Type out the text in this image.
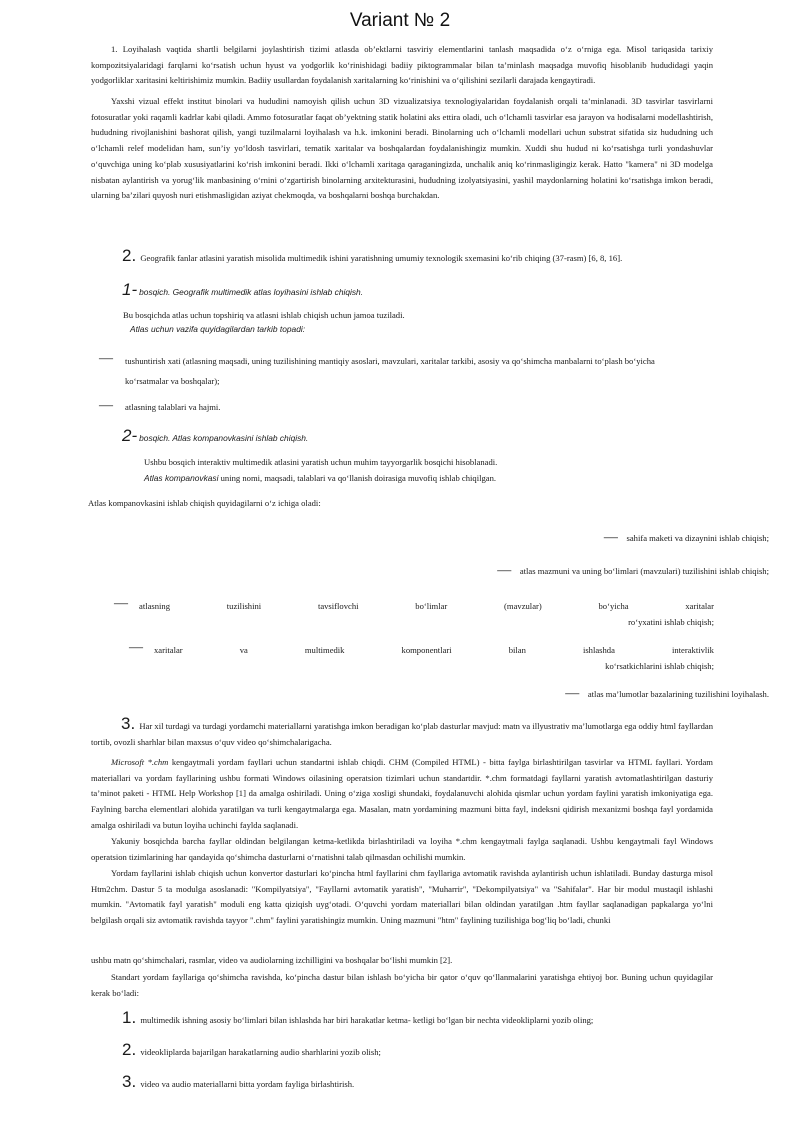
Variant № 2
1. Loyihalash vaqtida shartli belgilarni joylashtirish tizimi atlasda ob’ektlarni tasviriy elementlarini tanlash maqsadida o‘z o‘rniga ega. Misol tariqasida tarixiy kompozitsiyalaridagi farqlarni ko‘rsatish uchun hyust va yodgorlik ko‘rinishidagi badiiy piktogrammalar bilan ta’minlash maqsadga muvofiq hisoblanib hududidagi yaqin yodgorliklar xaritasini keltirishimiz mumkin. Badiiy usullardan foydalanish xaritalarning ko‘rinishini va o‘qilishini sezilarli darajada kengaytiradi.
Yaxshi vizual effekt institut binolari va hududini namoyish qilish uchun 3D vizualizatsiya texnologiyalaridan foydalanish orqali ta’minlanadi. 3D tasvirlar tasvirlarni fotosuratlar yoki raqamli kadrlar kabi qiladi. Ammo fotosuratlar faqat ob’yektning statik holatini aks ettira oladi, uch o‘lchamli tasvirlar esa jarayon va hodisalarni modellashtirish, hududning rivojlanishini bashorat qilish, yangi tuzilmalarni loyihalash va h.k. imkonini beradi. Binolarning uch o‘lchamli modellari uchun substrat sifatida siz hududning uch o‘lchamli relef modelidan ham, sun’iy yo‘ldosh tasvirlari, tematik xaritalar va boshqalardan foydalanishingiz mumkin. Xuddi shu hudud ni ko‘rsatishga turli yondashuvlar o‘quvchiga uning ko‘plab xususiyatlarini ko‘rish imkonini beradi. Ikki o‘lchamli xaritaga qaraganingizda, unchalik aniq ko‘rinmasligingiz kerak. Hatto "kamera" ni 3D modelga nisbatan aylantirish va yorug‘lik manbasining o‘rnini o‘zgartirish binolarning arxitekturasini, hududning izolyatsiyasini, yashil maydonlarning holatini ko‘rsatishga imkon beradi, ularning ba’zilari quyosh nuri etishmasligidan aziyat chekmoqda, va boshqalarni boshqa burchakdan.
2. Geografik fanlar atlasini yaratish misolida multimedik ishini yaratishning umumiy texnologik sxemasini ko‘rib chiqing (37-rasm) [6, 8, 16].
1- bosqich. Geografik multimedik atlas loyihasini ishlab chiqish.
Bu bosqichda atlas uchun topshiriq va atlasni ishlab chiqish uchun jamoa tuziladi.
Atlas uchun vazifa quyidagilardan tarkib topadi:
— tushuntirish xati (atlasning maqsadi, uning tuzilishining mantiqiy asoslari, mavzulari, xaritalar tarkibi, asosiy va qo‘shimcha manbalarni to‘plash bo‘yicha
ko‘rsatmalar va boshqalar);
— atlasning talablari va hajmi.
2- bosqich. Atlas kompanovkasini ishlab chiqish.
Ushbu bosqich interaktiv multimedik atlasini yaratish uchun muhim tayyorgarlik bosqichi hisoblanadi.
Atlas kompanovkasi uning nomi, maqsadi, talablari va qo‘llanish doirasiga muvofiq ishlab chiqilgan.
Atlas kompanovkasini ishlab chiqish quyidagilarni o‘z ichiga oladi:
— sahifa maketi va dizaynini ishlab chiqish;
— atlas mazmuni va uning bo‘limlari (mavzulari) tuzilishini ishlab chiqish;
— atlasning	tuzilishini	tavsiflovchi	bo‘limlar	(mavzular)	bo‘yicha	xaritalar
ro‘yxatini ishlab chiqish;
— xaritalar	va	multimedik	komponentlari	bilan	ishlashda	interaktivlik
ko‘rsatkichlarini ishlab chiqish;
— atlas ma’lumotlar bazalarining tuzilishini loyihalash.
3. Har xil turdagi va turdagi yordamchi materiallarni yaratishga imkon beradigan ko‘plab dasturlar mavjud: matn va illyustrativ ma’lumotlarga ega oddiy html fayllardan tortib, ovozli sharhlar bilan maxsus o‘quv video qo‘shimchalarigacha.
Microsoft *.chm kengaytmali yordam fayllari uchun standartni ishlab chiqdi. CHM (Compiled HTML) - bitta faylga birlashtirilgan tasvirlar va HTML fayllari. Yordam materiallari va yordam fayllarining ushbu formati Windows oilasining operatsion tizimlari uchun standartdir. *.chm formatdagi fayllarni yaratish avtomatlashtirilgan dasturiy ta’minot paketi - HTML Help Workshop [1] da amalga oshiriladi. Uning o‘ziga xosligi shundaki, foydalanuvchi alohida qismlar uchun yordam faylini yaratish imkoniyatiga ega. Faylning barcha elementlari alohida yaratilgan va turli kengaytmalarga ega. Masalan, matn yordamining mazmuni bitta fayl, indeksni qidirish mexanizmi boshqa fayl yordamida amalga oshiriladi va butun loyiha uchinchi faylda saqlanadi.
Yakuniy bosqichda barcha fayllar oldindan belgilangan ketma-ketlikda birlashtiriladi va loyiha *.chm kengaytmali faylga saqlanadi. Ushbu kengaytmali fayl Windows operatsion tizimlarining har qandayida qo‘shimcha dasturlarni o‘rnatishni talab qilmasdan ochilishi mumkin.
Yordam fayllarini ishlab chiqish uchun konvertor dasturlari ko‘pincha html fayllarini chm fayllariga avtomatik ravishda aylantirish uchun ishlatiladi. Bunday dasturga misol Htm2chm. Dastur 5 ta modulga asoslanadi: "Kompilyatsiya", "Fayllarni avtomatik yaratish", "Muharrir", "Dekompilyatsiya" va "Sahifalar". Har bir modul mustaqil ishlashi mumkin. "Avtomatik fayl yaratish" moduli eng katta qiziqish uyg‘otadi. O‘quvchi yordam materiallari bilan oldindan yaratilgan .htm fayllar saqlanadigan papkalarga yo‘lni belgilash orqali siz avtomatik ravishda tayyor ".chm" faylini yaratishingiz mumkin. Uning mazmuni "htm" faylining tuzilishiga bog‘liq bo‘ladi, chunki
ushbu matn qo‘shimchalari, rasmlar, video va audiolarning izchilligini va boshqalar bo‘lishi mumkin [2].
Standart yordam fayllariga qo‘shimcha ravishda, ko‘pincha dastur bilan ishlash bo‘yicha bir qator o‘quv qo‘llanmalarini yaratishga ehtiyoj bor. Buning uchun quyidagilar kerak bo‘ladi:
1. multimedik ishning asosiy bo‘limlari bilan ishlashda har biri harakatlar ketma- ketligi bo‘lgan bir nechta videokliplarni yozib oling;
2. videokliplarda bajarilgan harakatlarning audio sharhlarini yozib olish;
3. video va audio materiallarni bitta yordam fayliga birlashtirish.
